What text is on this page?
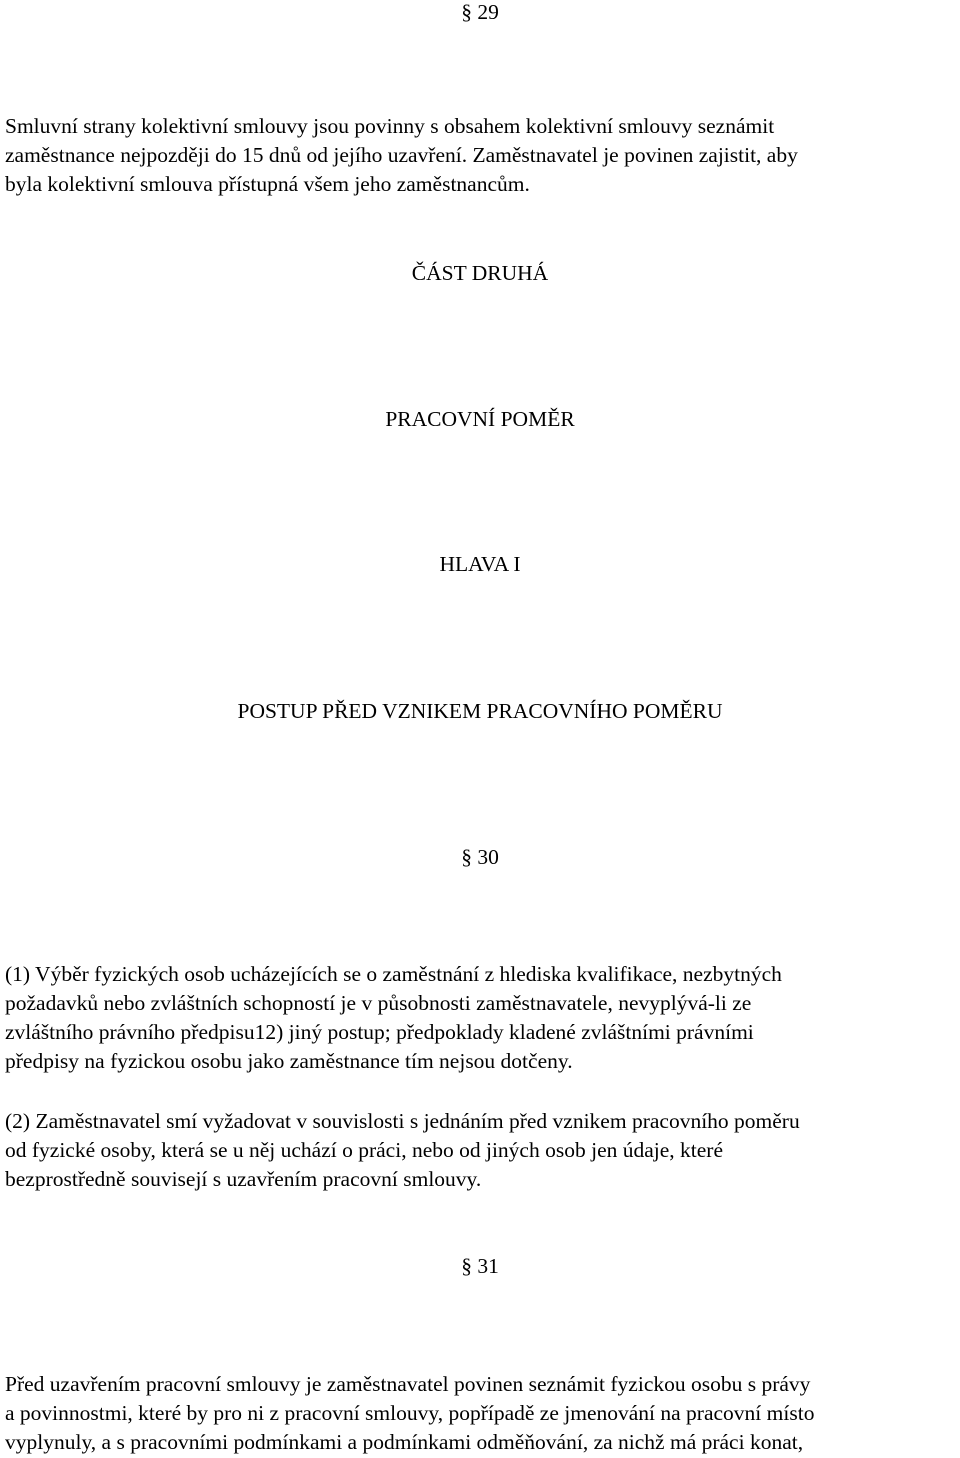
§ 29
Smluvní strany kolektivní smlouvy jsou povinny s obsahem kolektivní smlouvy seznámit
zaměstnance nejpozději do 15 dnů od jejího uzavření. Zaměstnavatel je povinen zajistit, aby
byla kolektivní smlouva přístupná všem jeho zaměstnancům.
ČÁST DRUHÁ
PRACOVNÍ POMĚR
HLAVA I
POSTUP PŘED VZNIKEM PRACOVNÍHO POMĚRU
§ 30
(1) Výběr fyzických osob ucházejících se o zaměstnání z hlediska kvalifikace, nezbytných
požadavků nebo zvláštních schopností je v působnosti zaměstnavatele, nevyplývá-li ze
zvláštního právního předpisu12) jiný postup; předpoklady kladené zvláštními právními
předpisy na fyzickou osobu jako zaměstnance tím nejsou dotčeny.
(2) Zaměstnavatel smí vyžadovat v souvislosti s jednáním před vznikem pracovního poměru
od fyzické osoby, která se u něj uchází o práci, nebo od jiných osob jen údaje, které
bezprostředně souvisejí s uzavřením pracovní smlouvy.
§ 31
Před uzavřením pracovní smlouvy je zaměstnavatel povinen seznámit fyzickou osobu s právy
a povinnostmi, které by pro ni z pracovní smlouvy, popřípadě ze jmenování na pracovní místo
vyplynuly, a s pracovními podmínkami a podmínkami odměňování, za nichž má práci konat,
